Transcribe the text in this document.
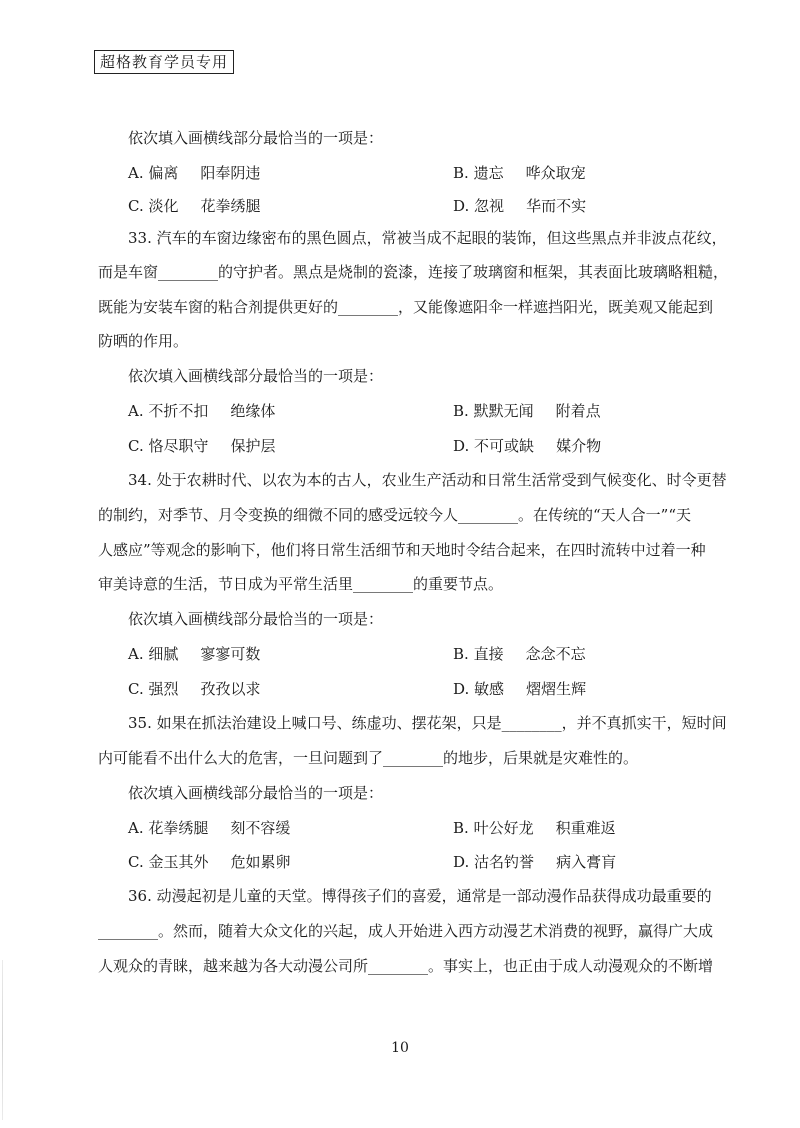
超格教育学员专用
依次填入画横线部分最恰当的一项是：
A. 偏离 阳奉阴违	B. 遗忘 哗众取宠
C. 淡化 花拳绣腿	D. 忽视 华而不实
33. 汽车的车窗边缘密布的黑色圆点，常被当成不起眼的装饰，但这些黑点并非波点花纹，
而是车窗________的守护者。黑点是烧制的瓷漆，连接了玻璃窗和框架，其表面比玻璃略粗糙，
既能为安装车窗的粘合剂提供更好的________，又能像遮阳伞一样遮挡阳光，既美观又能起到
防晒的作用。
依次填入画横线部分最恰当的一项是：
A. 不折不扣 绝缘体	B. 默默无闻 附着点
C. 恪尽职守 保护层	D. 不可或缺 媒介物
34. 处于农耕时代、以农为本的古人，农业生产活动和日常生活常受到气候变化、时令更替
的制约，对季节、月令变换的细微不同的感受远较今人________。在传统的“天人合一”“天
人感应”等观念的影响下，他们将日常生活细节和天地时令结合起来，在四时流转中过着一种
审美诗意的生活，节日成为平常生活里________的重要节点。
依次填入画横线部分最恰当的一项是：
A. 细腻 寥寥可数	B. 直接 念念不忘
C. 强烈 孜孜以求	D. 敏感 熠熠生辉
35. 如果在抓法治建设上喊口号、练虚功、摆花架，只是________，并不真抓实干，短时间
内可能看不出什么大的危害，一旦问题到了________的地步，后果就是灾难性的。
依次填入画横线部分最恰当的一项是：
A. 花拳绣腿 刻不容缓	B. 叶公好龙 积重难返
C. 金玉其外 危如累卵	D. 沽名钓誉 病入膏肓
36. 动漫起初是儿童的天堂。博得孩子们的喜爱，通常是一部动漫作品获得成功最重要的
________。然而，随着大众文化的兴起，成人开始进入西方动漫艺术消费的视野，赢得广大成
人观众的青睐，越来越为各大动漫公司所________。事实上，也正由于成人动漫观众的不断增
10
